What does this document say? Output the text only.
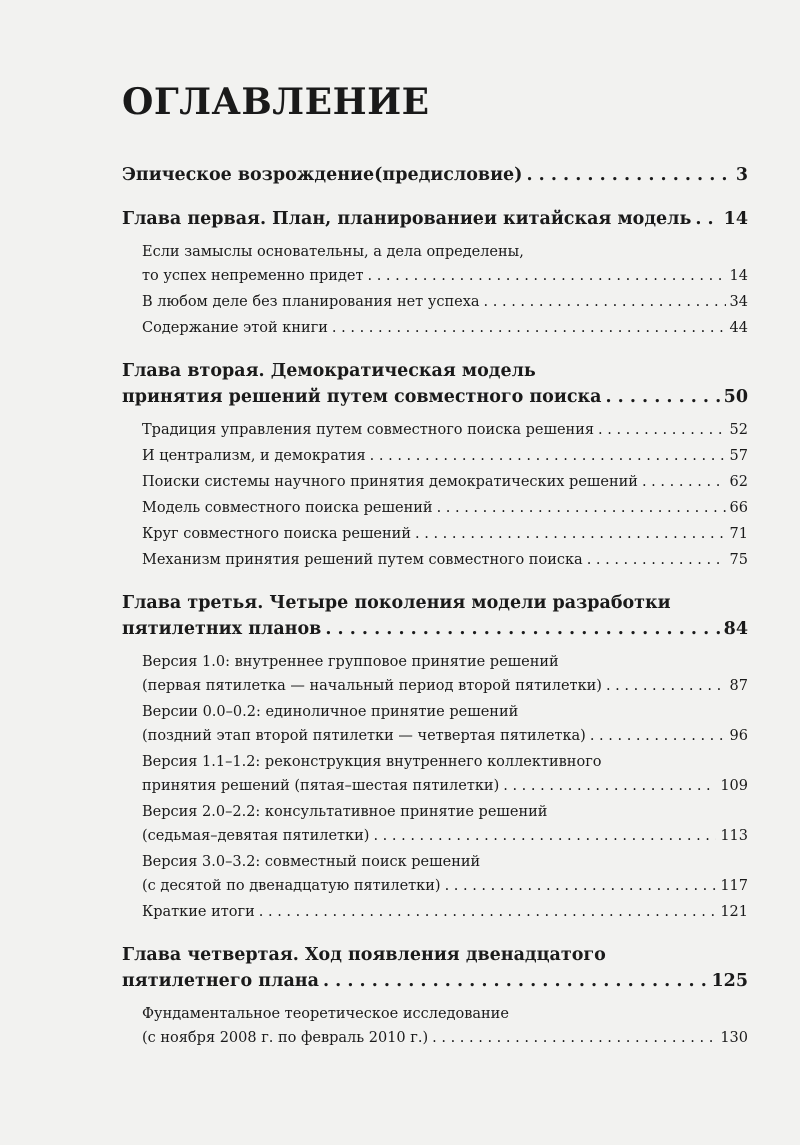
ОГЛАВЛЕНИЕ
Эпическое возрождение(предисловие) . . .	3
Глава первая. План, планированиеи китайская модель . . . 14
Если замыслы основательны, а дела определены,
то успех непременно придет . . .	14
В любом деле без планирования нет успеха . . .	34
Содержание этой книги . . .	44
Глава вторая. Демократическая модель
принятия решений путем совместного поиска . . .	50
Традиция управления путем совместного поиска решения . . .	52
И централизм, и демократия . . .	57
Поиски системы научного принятия демократических решений . . .	62
Модель совместного поиска решений . . .	66
Круг совместного поиска решений . . .	71
Механизм принятия решений путем совместного поиска . . .	75
Глава третья. Четыре поколения модели разработки
пятилетних планов . . .	84
Версия 1.0: внутреннее групповое принятие решений
(первая пятилетка — начальный период второй пятилетки) . . .	87
Версии 0.0–0.2: единоличное принятие решений
(поздний этап второй пятилетки — четвертая пятилетка) . . .	96
Версия 1.1–1.2: реконструкция внутреннего коллективного
принятия решений (пятая–шестая пятилетки) . . .	109
Версия 2.0–2.2: консультативное принятие решений
(седьмая–девятая пятилетки) . . .	113
Версия 3.0–3.2: совместный поиск решений
(с десятой по двенадцатую пятилетки) . . .	117
Краткие итоги . . .	121
Глава четвертая. Ход появления двенадцатого
пятилетнего плана . . .	125
Фундаментальное теоретическое исследование
(с ноября 2008 г. по февраль 2010 г.) . . .	130
